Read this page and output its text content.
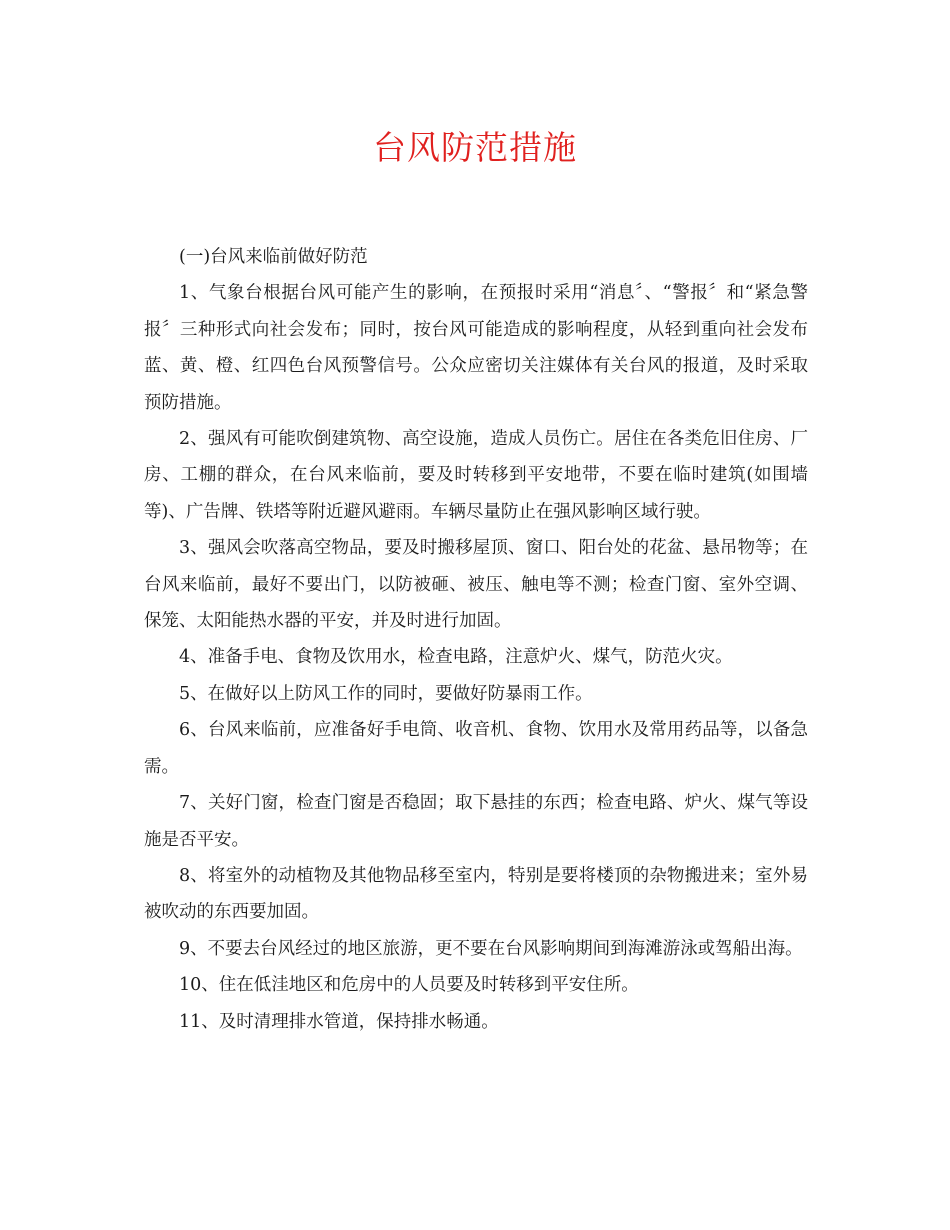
台风防范措施

(一)台风来临前做好防范

1、气象台根据台风可能产生的影响，在预报时采用“消息〞、“警报〞和“紧急警报〞三种形式向社会发布；同时，按台风可能造成的影响程度，从轻到重向社会发布蓝、黄、橙、红四色台风预警信号。公众应密切关注媒体有关台风的报道，及时采取预防措施。

2、强风有可能吹倒建筑物、高空设施，造成人员伤亡。居住在各类危旧住房、厂房、工棚的群众，在台风来临前，要及时转移到平安地带，不要在临时建筑(如围墙等)、广告牌、铁塔等附近避风避雨。车辆尽量防止在强风影响区域行驶。

3、强风会吹落高空物品，要及时搬移屋顶、窗口、阳台处的花盆、悬吊物等；在台风来临前，最好不要出门，以防被砸、被压、触电等不测；检查门窗、室外空调、保笼、太阳能热水器的平安，并及时进行加固。

4、准备手电、食物及饮用水，检查电路，注意炉火、煤气，防范火灾。

5、在做好以上防风工作的同时，要做好防暴雨工作。

6、台风来临前，应准备好手电筒、收音机、食物、饮用水及常用药品等，以备急需。

7、关好门窗，检查门窗是否稳固；取下悬挂的东西；检查电路、炉火、煤气等设施是否平安。

8、将室外的动植物及其他物品移至室内，特别是要将楼顶的杂物搬进来；室外易被吹动的东西要加固。

9、不要去台风经过的地区旅游，更不要在台风影响期间到海滩游泳或驾船出海。

10、住在低洼地区和危房中的人员要及时转移到平安住所。

11、及时清理排水管道，保持排水畅通。
